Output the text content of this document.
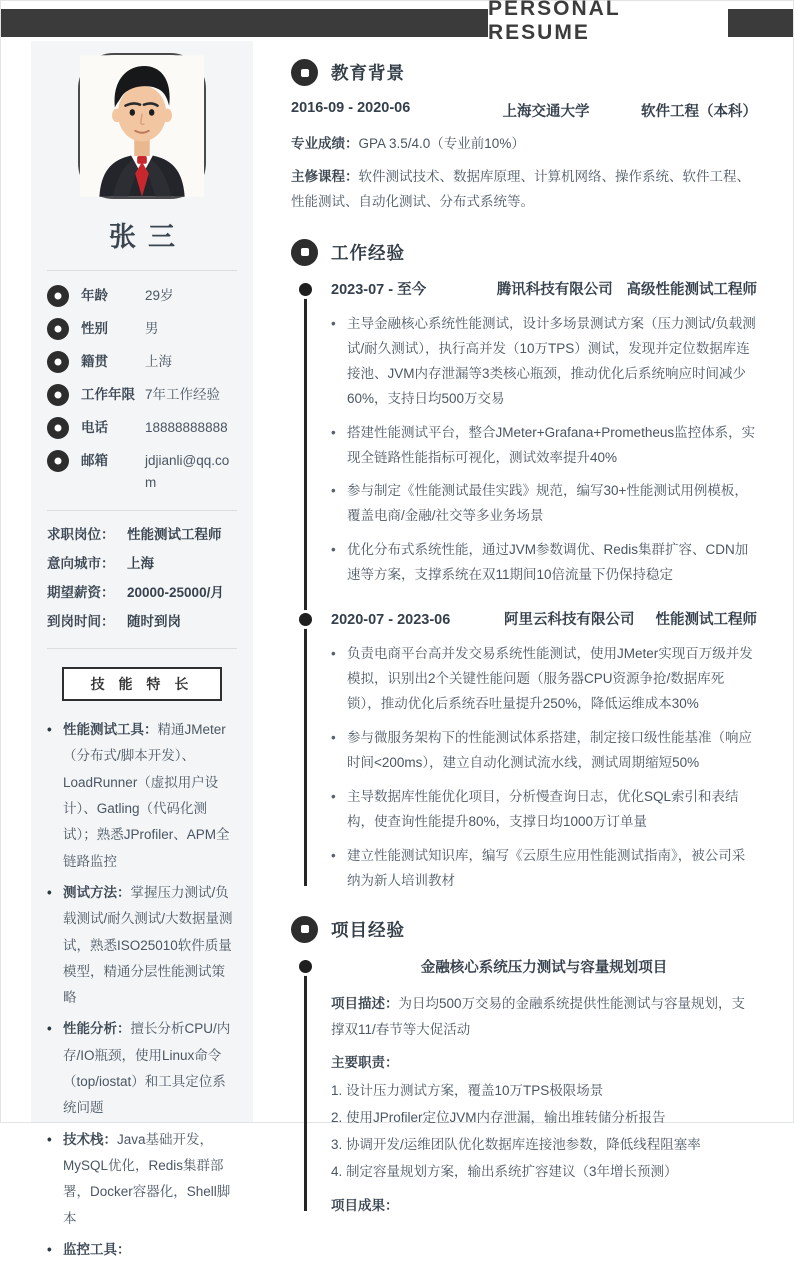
PERSONAL RESUME
张三
年龄	29岁
性别	男
籍贯	上海
工作年限 7年工作经验
电话	18888888888
邮箱	jdjianli@qq.com
求职岗位： 性能测试工程师
意向城市： 上海
期望薪资： 20000-25000/月
到岗时间： 随时到岗
技 能 特 长
• 性能测试工具：精通JMeter（分布式/脚本开发）、LoadRunner（虚拟用户设计）、Gatling（代码化测试）；熟悉JProfiler、APM全链路监控
• 测试方法：掌握压力测试/负载测试/耐久测试/大数据量测试，熟悉ISO25010软件质量模型，精通分层性能测试策略
• 性能分析：擅长分析CPU/内存/IO瓶颈，使用Linux命令（top/iostat）和工具定位系统问题
• 技术栈：Java基础开发，MySQL优化，Redis集群部署，Docker容器化，Shell脚本
• 监控工具：
教育背景
2016-09 - 2020-06	上海交通大学	软件工程（本科）

专业成绩：GPA 3.5/4.0（专业前10%）

主修课程：软件测试技术、数据库原理、计算机网络、操作系统、软件工程、性能测试、自动化测试、分布式系统等。

工作经验
2023-07 - 至今	腾讯科技有限公司 高级性能测试工程师
• 主导金融核心系统性能测试，设计多场景测试方案（压力测试/负载测试/耐久测试），执行高并发（10万TPS）测试，发现并定位数据库连接池、JVM内存泄漏等3类核心瓶颈，推动优化后系统响应时间减少60%，支持日均500万交易
• 搭建性能测试平台，整合JMeter+Grafana+Prometheus监控体系，实现全链路性能指标可视化，测试效率提升40%
• 参与制定《性能测试最佳实践》规范，编写30+性能测试用例模板，覆盖电商/金融/社交等多业务场景
• 优化分布式系统性能，通过JVM参数调优、Redis集群扩容、CDN加速等方案，支撑系统在双11期间10倍流量下仍保持稳定
2020-07 - 2023-06	阿里云科技有限公司	性能测试工程师
• 负责电商平台高并发交易系统性能测试，使用JMeter实现百万级并发模拟，识别出2个关键性能问题（服务器CPU资源争抢/数据库死锁），推动优化后系统吞吐量提升250%，降低运维成本30%
• 参与微服务架构下的性能测试体系搭建，制定接口级性能基准（响应时间<200ms），建立自动化测试流水线，测试周期缩短50%
• 主导数据库性能优化项目，分析慢查询日志，优化SQL索引和表结构，使查询性能提升80%，支撑日均1000万订单量
• 建立性能测试知识库，编写《云原生应用性能测试指南》，被公司采纳为新人培训教材
项目经验
金融核心系统压力测试与容量规划项目

项目描述：为日均500万交易的金融系统提供性能测试与容量规划，支撑双11/春节等大促活动

主要职责：

1. 设计压力测试方案，覆盖10万TPS极限场景
2. 使用JProfiler定位JVM内存泄漏，输出堆转储分析报告
3. 协调开发/运维团队优化数据库连接池参数，降低线程阻塞率
4. 制定容量规划方案，输出系统扩容建议（3年增长预测）
项目成果：
